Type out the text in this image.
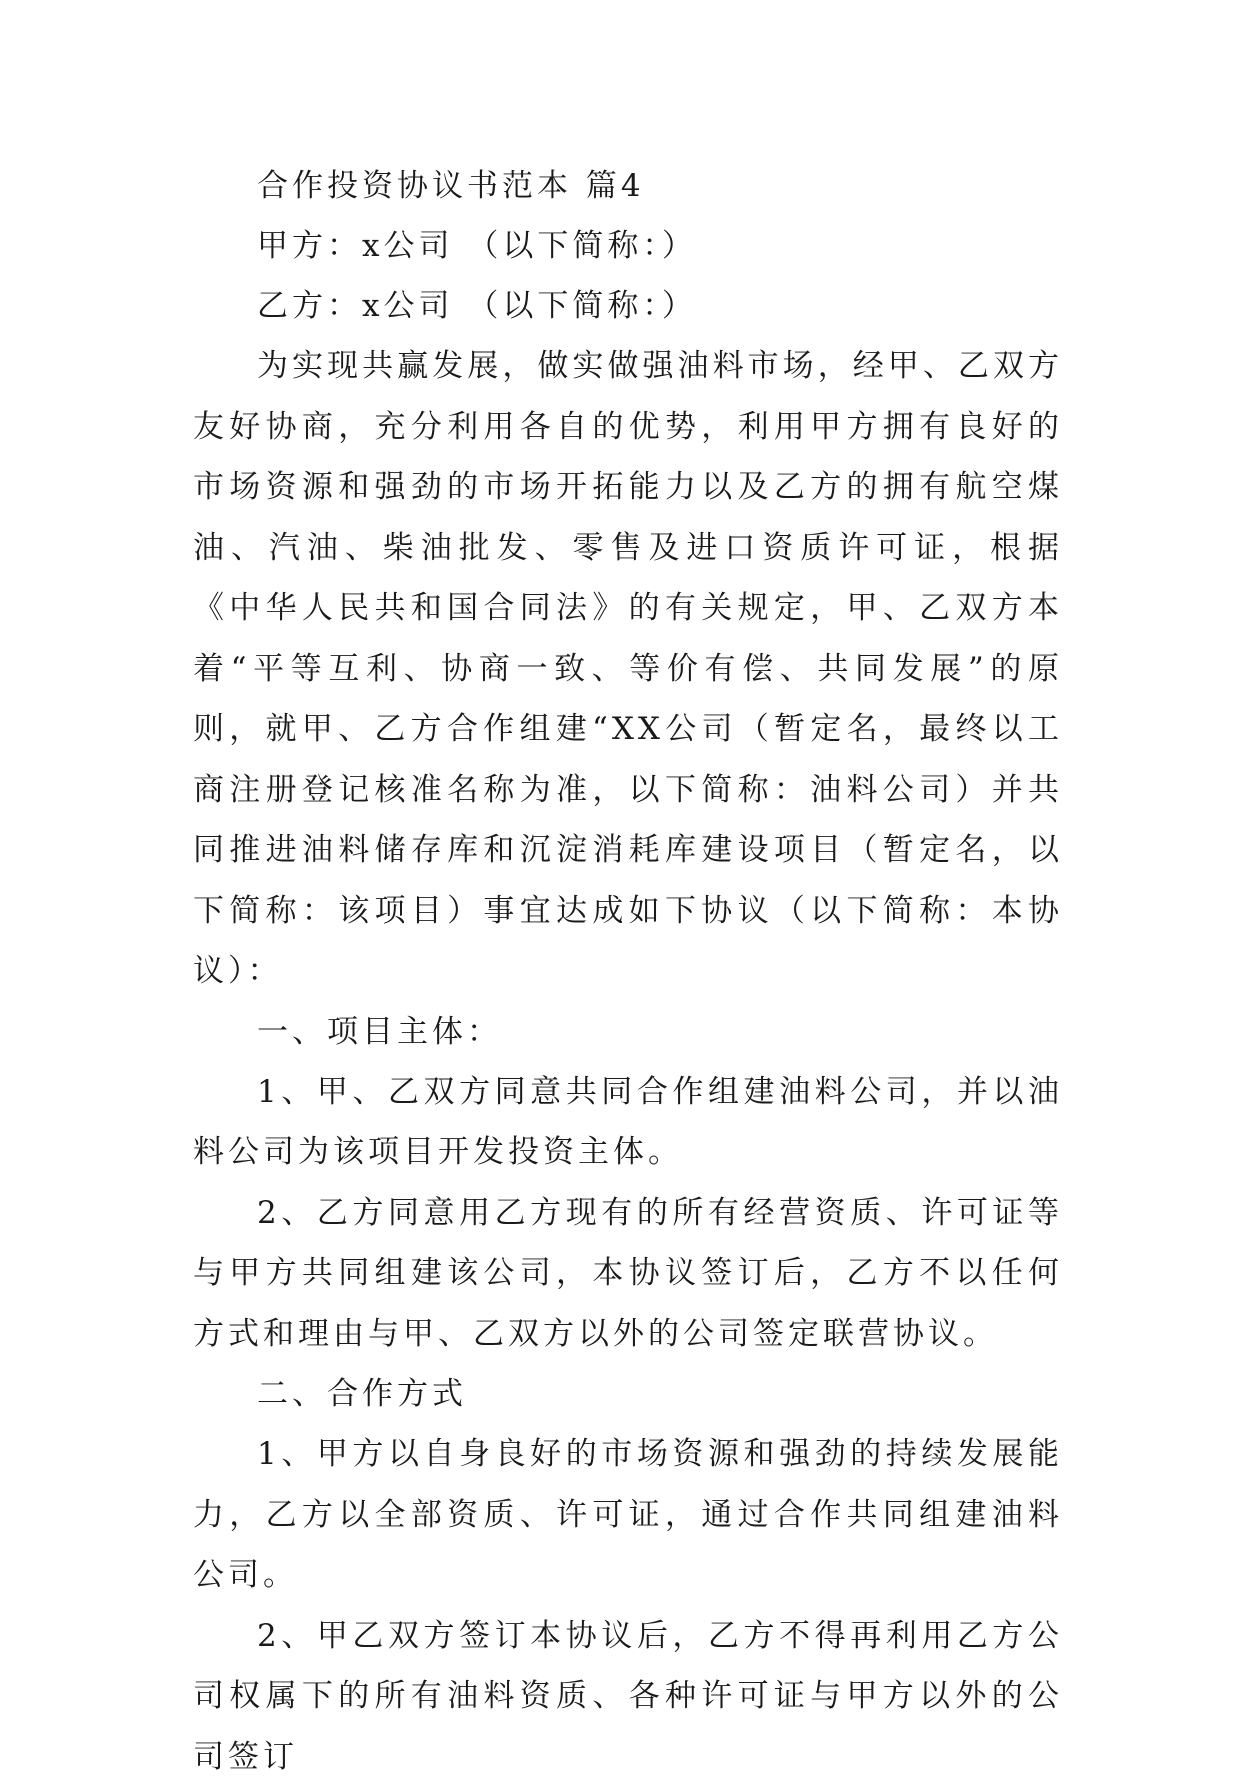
合作投资协议书范本 篇4
甲方：x公司 （以下简称：）
乙方：x公司 （以下简称：）
为实现共赢发展，做实做强油料市场，经甲、乙双方友好协商，充分利用各自的优势，利用甲方拥有良好的市场资源和强劲的市场开拓能力以及乙方的拥有航空煤油、汽油、柴油批发、零售及进口资质许可证，根据《中华人民共和国合同法》的有关规定，甲、乙双方本着“平等互利、协商一致、等价有偿、共同发展”的原则，就甲、乙方合作组建“XX公司（暂定名，最终以工商注册登记核准名称为准，以下简称：油料公司）并共同推进油料储存库和沉淀消耗库建设项目（暂定名，以下简称：该项目）事宜达成如下协议（以下简称：本协议）：
一、项目主体：
1、甲、乙双方同意共同合作组建油料公司，并以油料公司为该项目开发投资主体。
2、乙方同意用乙方现有的所有经营资质、许可证等与甲方共同组建该公司，本协议签订后，乙方不以任何方式和理由与甲、乙双方以外的公司签定联营协议。
二、合作方式
1、甲方以自身良好的市场资源和强劲的持续发展能力，乙方以全部资质、许可证，通过合作共同组建油料公司。
2、甲乙双方签订本协议后，乙方不得再利用乙方公司权属下的所有油料资质、各种许可证与甲方以外的公司签订
